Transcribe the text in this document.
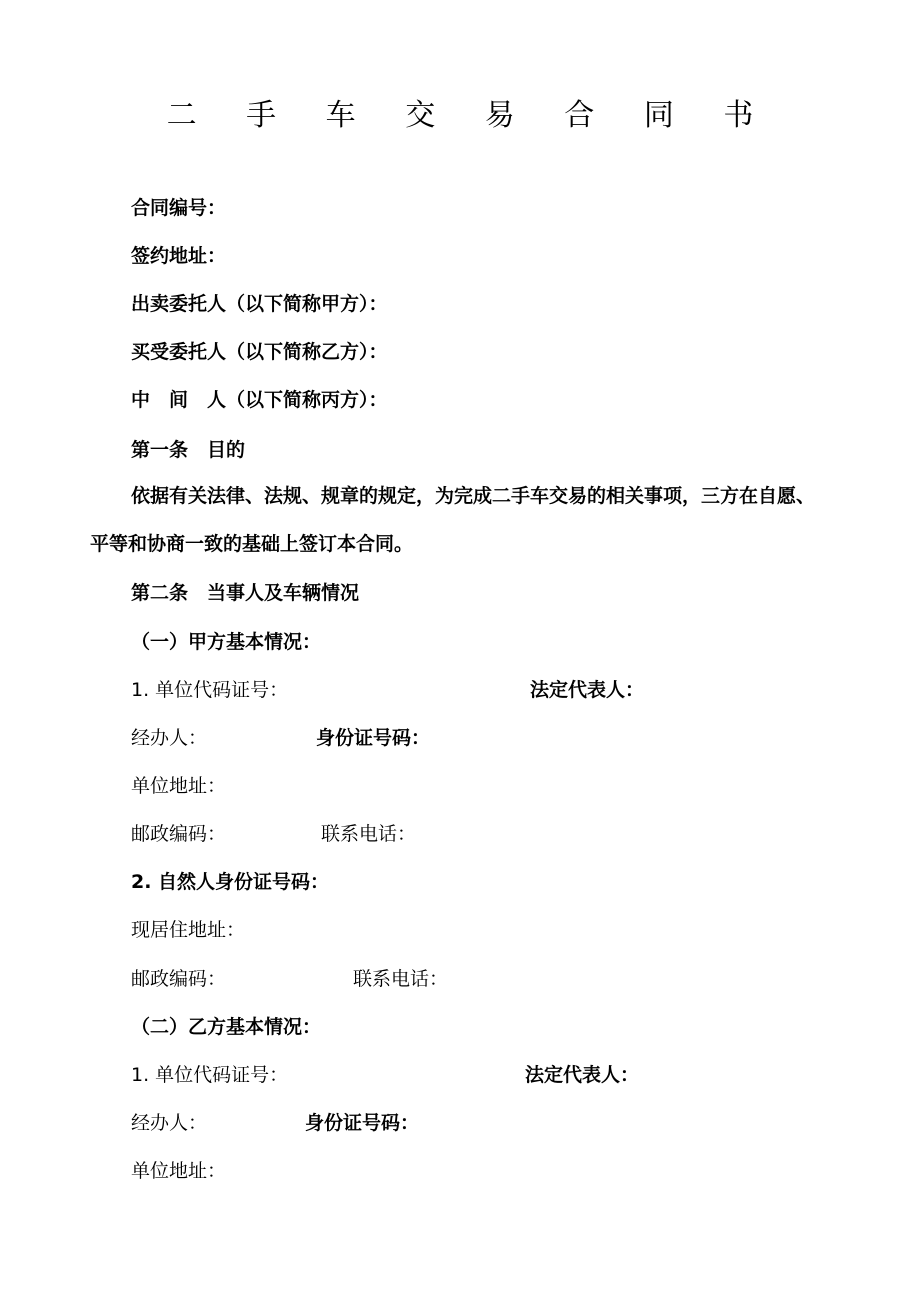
二 手 车 交 易 合 同 书
合同编号：
签约地址：
出卖委托人（以下简称甲方）：
买受委托人（以下简称乙方）：
中　间　人（以下简称丙方）：
第一条　目的
依据有关法律、法规、规章的规定，为完成二手车交易的相关事项，三方在自愿、平等和协商一致的基础上签订本合同。
第二条　当事人及车辆情况
（一）甲方基本情况：
1. 单位代码证号：	法定代表人：
经办人：	身份证号码：
单位地址：
邮政编码：	联系电话：
2. 自然人身份证号码：
现居住地址：
邮政编码：	联系电话：
（二）乙方基本情况：
1. 单位代码证号：	法定代表人：
经办人：	身份证号码：
单位地址：
